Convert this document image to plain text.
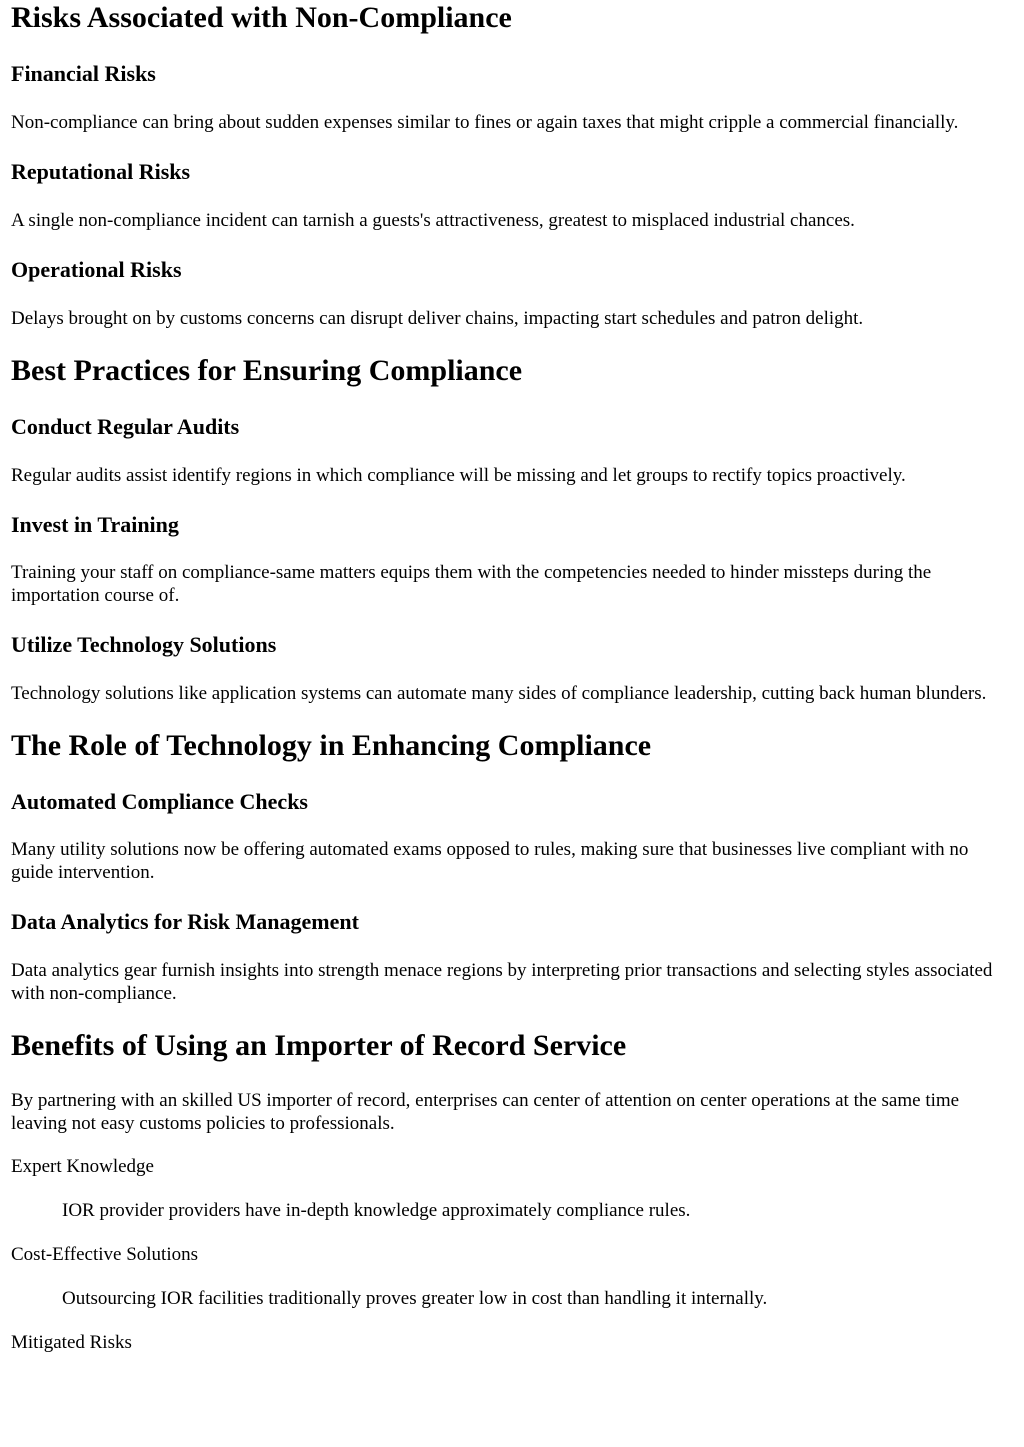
Risks Associated with Non-Compliance
Financial Risks

Non-compliance can bring about sudden expenses similar to fines or again taxes that might cripple a commercial financially.

Reputational Risks

A single non-compliance incident can tarnish a guests's attractiveness, greatest to misplaced industrial chances.

Operational Risks

Delays brought on by customs concerns can disrupt deliver chains, impacting start schedules and patron delight.

Best Practices for Ensuring Compliance
Conduct Regular Audits

Regular audits assist identify regions in which compliance will be missing and let groups to rectify topics proactively.

Invest in Training

Training your staff on compliance-same matters equips them with the competencies needed to hinder missteps during the importation course of.

Utilize Technology Solutions

Technology solutions like application systems can automate many sides of compliance leadership, cutting back human blunders.

The Role of Technology in Enhancing Compliance
Automated Compliance Checks

Many utility solutions now be offering automated exams opposed to rules, making sure that businesses live compliant with no guide intervention.

Data Analytics for Risk Management

Data analytics gear furnish insights into strength menace regions by interpreting prior transactions and selecting styles associated with non-compliance.

Benefits of Using an Importer of Record Service

By partnering with an skilled US importer of record, enterprises can center of attention on center operations at the same time leaving not easy customs policies to professionals.

Expert Knowledge
IOR provider providers have in-depth knowledge approximately compliance rules.
Cost-Effective Solutions
Outsourcing IOR facilities traditionally proves greater low in cost than handling it internally.
Mitigated Risks
